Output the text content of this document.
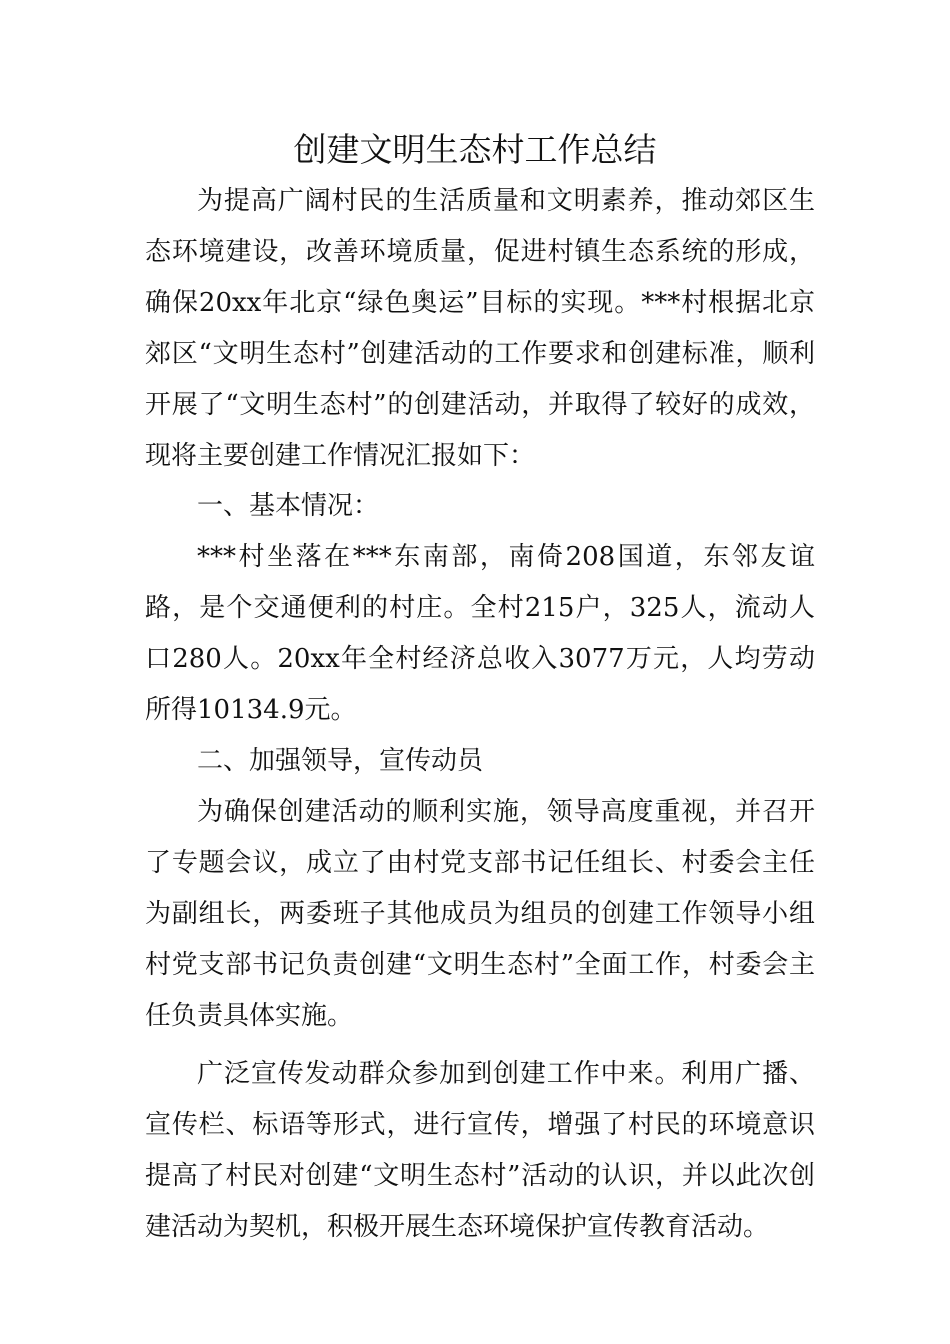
创建文明生态村工作总结

为提高广阔村民的生活质量和文明素养，推动郊区生态环境建设，改善环境质量，促进村镇生态系统的形成，确保20xx年北京“绿色奥运”目标的实现。***村根据北京郊区“文明生态村”创建活动的工作要求和创建标准，顺利开展了“文明生态村”的创建活动，并取得了较好的成效，现将主要创建工作情况汇报如下：

一、基本情况：

***村坐落在***东南部，南倚208国道，东邻友谊路，是个交通便利的村庄。全村215户，325人，流动人口280人。20xx年全村经济总收入3077万元，人均劳动所得10134.9元。

二、加强领导，宣传动员

为确保创建活动的顺利实施，领导高度重视，并召开了专题会议，成立了由村党支部书记任组长、村委会主任为副组长，两委班子其他成员为组员的创建工作领导小组村党支部书记负责创建“文明生态村”全面工作，村委会主任负责具体实施。

广泛宣传发动群众参加到创建工作中来。利用广播、宣传栏、标语等形式，进行宣传，增强了村民的环境意识提高了村民对创建“文明生态村”活动的认识，并以此次创建活动为契机，积极开展生态环境保护宣传教育活动。
